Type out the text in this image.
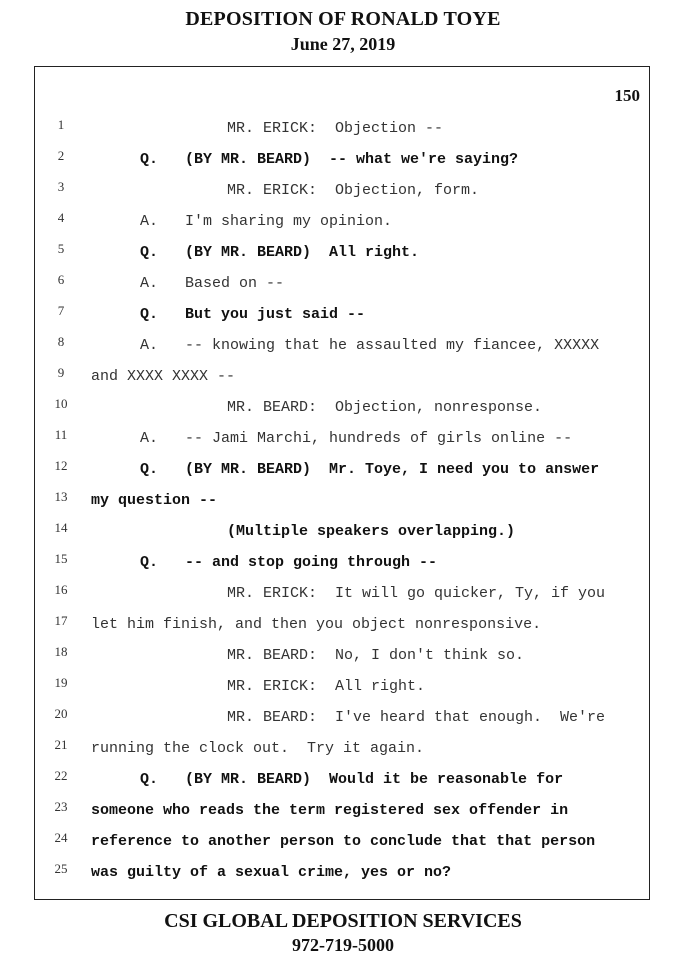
DEPOSITION OF RONALD TOYE
June 27, 2019
150
1	MR. ERICK:  Objection --
2	Q.   (BY MR. BEARD)  -- what we're saying?
3	MR. ERICK:  Objection, form.
4	A.   I'm sharing my opinion.
5	Q.   (BY MR. BEARD)  All right.
6	A.   Based on --
7	Q.   But you just said --
8	A.   -- knowing that he assaulted my fiancee, XXXXX
9	and XXXX XXXX --
10	MR. BEARD:  Objection, nonresponse.
11	A.   -- Jami Marchi, hundreds of girls online --
12	Q.   (BY MR. BEARD)  Mr. Toye, I need you to answer
13	my question --
14	(Multiple speakers overlapping.)
15	Q.   -- and stop going through --
16	MR. ERICK:  It will go quicker, Ty, if you
17	let him finish, and then you object nonresponsive.
18	MR. BEARD:  No, I don't think so.
19	MR. ERICK:  All right.
20	MR. BEARD:  I've heard that enough.  We're
21	running the clock out.  Try it again.
22	Q.   (BY MR. BEARD)  Would it be reasonable for
23	someone who reads the term registered sex offender in
24	reference to another person to conclude that that person
25	was guilty of a sexual crime, yes or no?
CSI GLOBAL DEPOSITION SERVICES
972-719-5000
